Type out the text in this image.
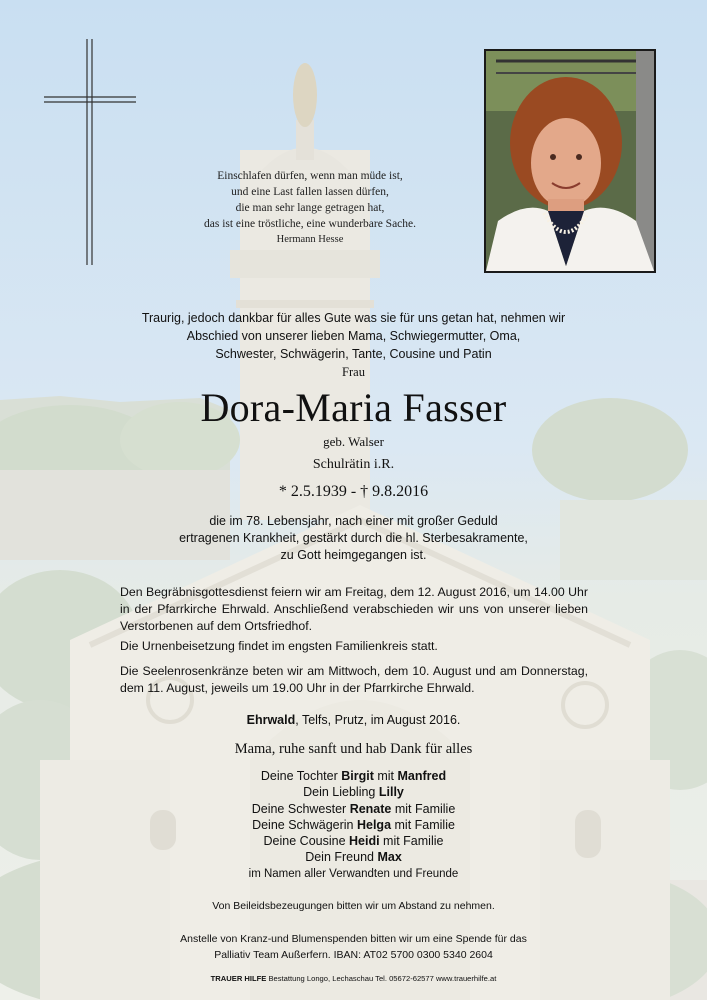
Einschlafen dürfen, wenn man müde ist,
und eine Last fallen lassen dürfen,
die man sehr lange getragen hat,
das ist eine tröstliche, eine wunderbare Sache.
Hermann Hesse
Traurig, jedoch dankbar für alles Gute was sie für uns getan hat, nehmen wir
Abschied von unserer lieben Mama, Schwiegermutter, Oma,
Schwester, Schwägerin, Tante, Cousine und Patin
Frau
Dora-Maria Fasser
geb. Walser
Schulrätin i.R.
* 2.5.1939 - † 9.8.2016
die im 78. Lebensjahr, nach einer mit großer Geduld
ertragenen Krankheit, gestärkt durch die hl. Sterbesakramente,
zu Gott heimgegangen ist.
Den Begräbnisgottesdienst feiern wir am Freitag, dem 12. August 2016, um 14.00 Uhr in der Pfarrkirche Ehrwald. Anschließend verabschieden wir uns von unserer lieben Verstorbenen auf dem Ortsfriedhof.
Die Urnenbeisetzung findet im engsten Familienkreis statt.
Die Seelenrosenkränze beten wir am Mittwoch, dem 10. August und am Donnerstag, dem 11. August, jeweils um 19.00 Uhr in der Pfarrkirche Ehrwald.
Ehrwald, Telfs, Prutz, im August 2016.
Mama, ruhe sanft und hab Dank für alles
Deine Tochter Birgit mit Manfred
Dein Liebling Lilly
Deine Schwester Renate mit Familie
Deine Schwägerin Helga mit Familie
Deine Cousine Heidi mit Familie
Dein Freund Max
im Namen aller Verwandten und Freunde
Von Beileidsbezeugungen bitten wir um Abstand zu nehmen.
Anstelle von Kranz-und Blumenspenden bitten wir um eine Spende für das
Palliativ Team Außerfern. IBAN: AT02 5700 0300 5340 2604
TRAUER HILFE Bestattung Longo, Lechaschau Tel. 05672-62577 www.trauerhilfe.at
